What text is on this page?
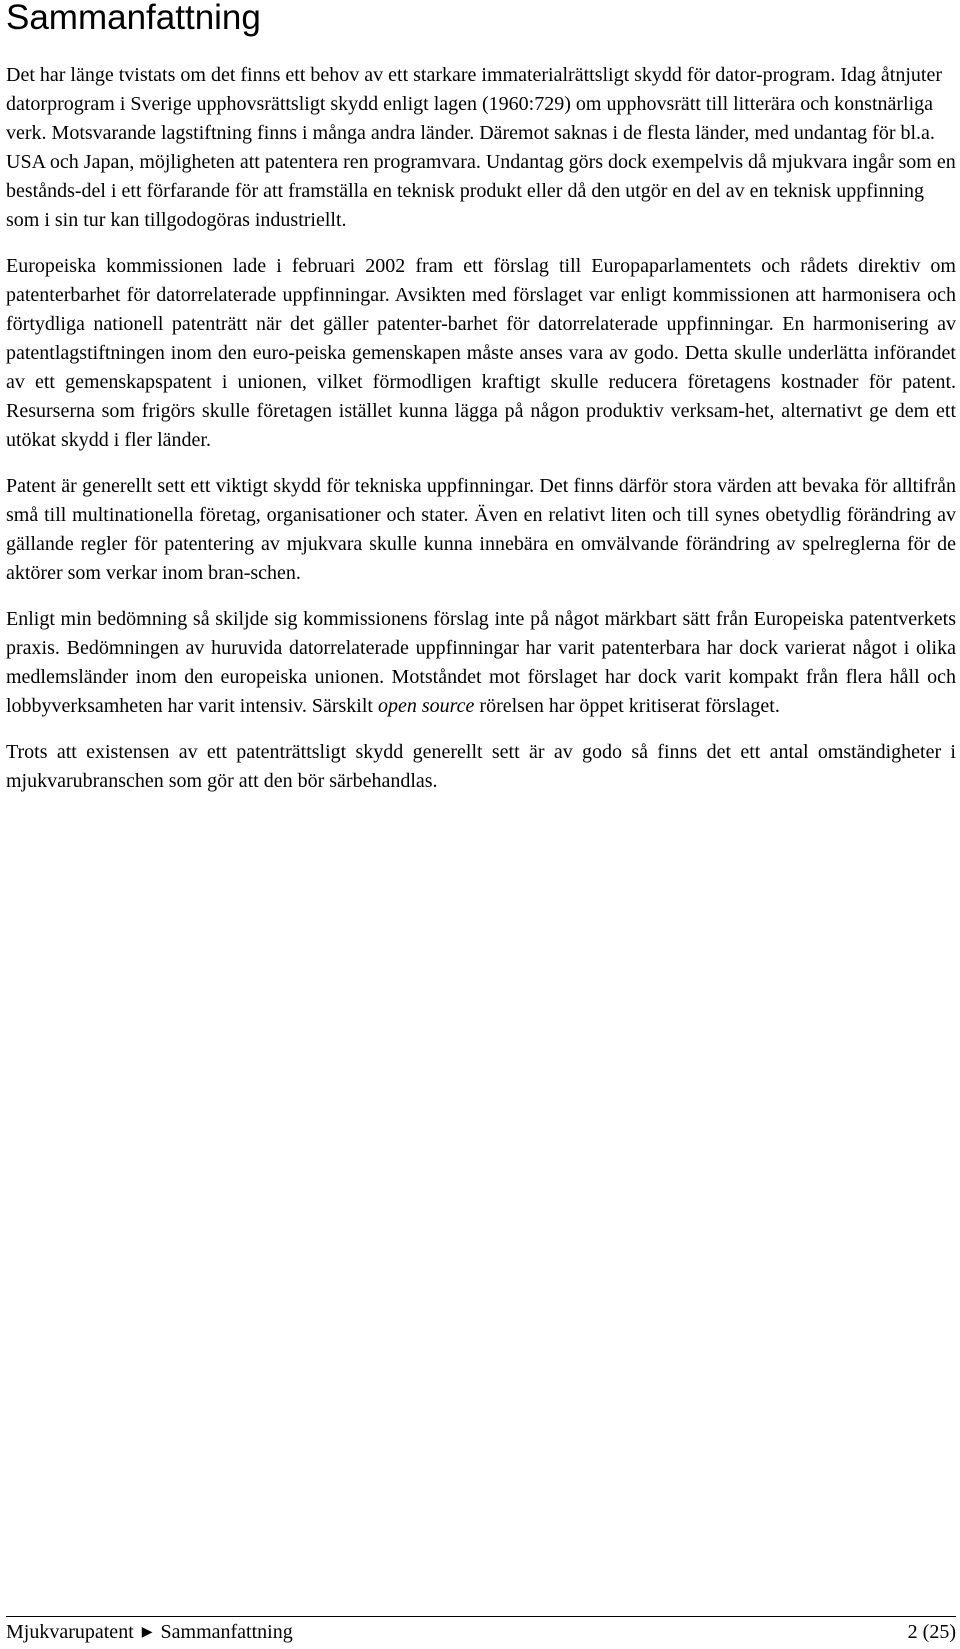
Sammanfattning

Det har länge tvistats om det finns ett behov av ett starkare immaterialrättsligt skydd för dator-program. Idag åtnjuter datorprogram i Sverige upphovsrättsligt skydd enligt lagen (1960:729) om upphovsrätt till litterära och konstnärliga verk. Motsvarande lagstiftning finns i många andra länder. Däremot saknas i de flesta länder, med undantag för bl.a. USA och Japan, möjligheten att patentera ren programvara. Undantag görs dock exempelvis då mjukvara ingår som en bestånds-del i ett förfarande för att framställa en teknisk produkt eller då den utgör en del av en teknisk uppfinning som i sin tur kan tillgodogöras industriellt.

Europeiska kommissionen lade i februari 2002 fram ett förslag till Europaparlamentets och rådets direktiv om patenterbarhet för datorrelaterade uppfinningar. Avsikten med förslaget var enligt kommissionen att harmonisera och förtydliga nationell patenträtt när det gäller patenter-barhet för datorrelaterade uppfinningar. En harmonisering av patentlagstiftningen inom den euro-peiska gemenskapen måste anses vara av godo. Detta skulle underlätta införandet av ett gemenskapspatent i unionen, vilket förmodligen kraftigt skulle reducera företagens kostnader för patent. Resurserna som frigörs skulle företagen istället kunna lägga på någon produktiv verksam-het, alternativt ge dem ett utökat skydd i fler länder.

Patent är generellt sett ett viktigt skydd för tekniska uppfinningar. Det finns därför stora värden att bevaka för alltifrån små till multinationella företag, organisationer och stater. Även en relativt liten och till synes obetydlig förändring av gällande regler för patentering av mjukvara skulle kunna innebära en omvälvande förändring av spelreglerna för de aktörer som verkar inom bran-schen.

Enligt min bedömning så skiljde sig kommissionens förslag inte på något märkbart sätt från Europeiska patentverkets praxis. Bedömningen av huruvida datorrelaterade uppfinningar har varit patenterbara har dock varierat något i olika medlemsländer inom den europeiska unionen. Motståndet mot förslaget har dock varit kompakt från flera håll och lobbyverksamheten har varit intensiv. Särskilt open source rörelsen har öppet kritiserat förslaget.

Trots att existensen av ett patenträttsligt skydd generellt sett är av godo så finns det ett antal omständigheter i mjukvarubranschen som gör att den bör särbehandlas.

Mjukvarupatent ▶ Sammanfattning	2 (25)
